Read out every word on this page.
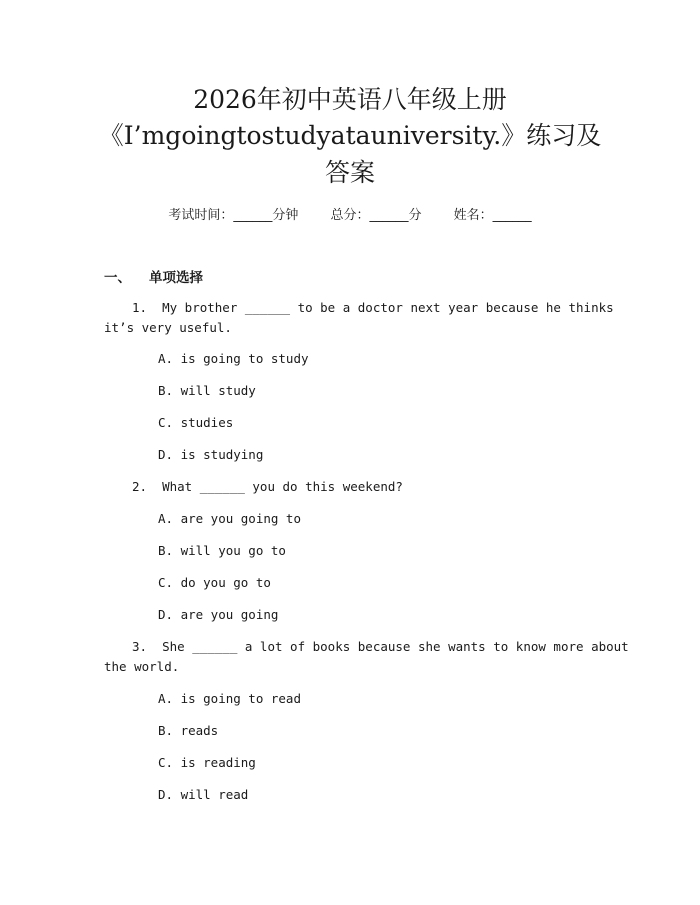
2026年初中英语八年级上册
《I’mgoingtostudyatauniversity.》练习及
答案
考试时间：______分钟 总分：______分 姓名：______
一、 单项选择
1.  My brother ______ to be a doctor next year because he thinks
it’s very useful.
A. is going to study
B. will study
C. studies
D. is studying
2.  What ______ you do this weekend?
A. are you going to
B. will you go to
C. do you go to
D. are you going
3.  She ______ a lot of books because she wants to know more about
the world.
A. is going to read
B. reads
C. is reading
D. will read
